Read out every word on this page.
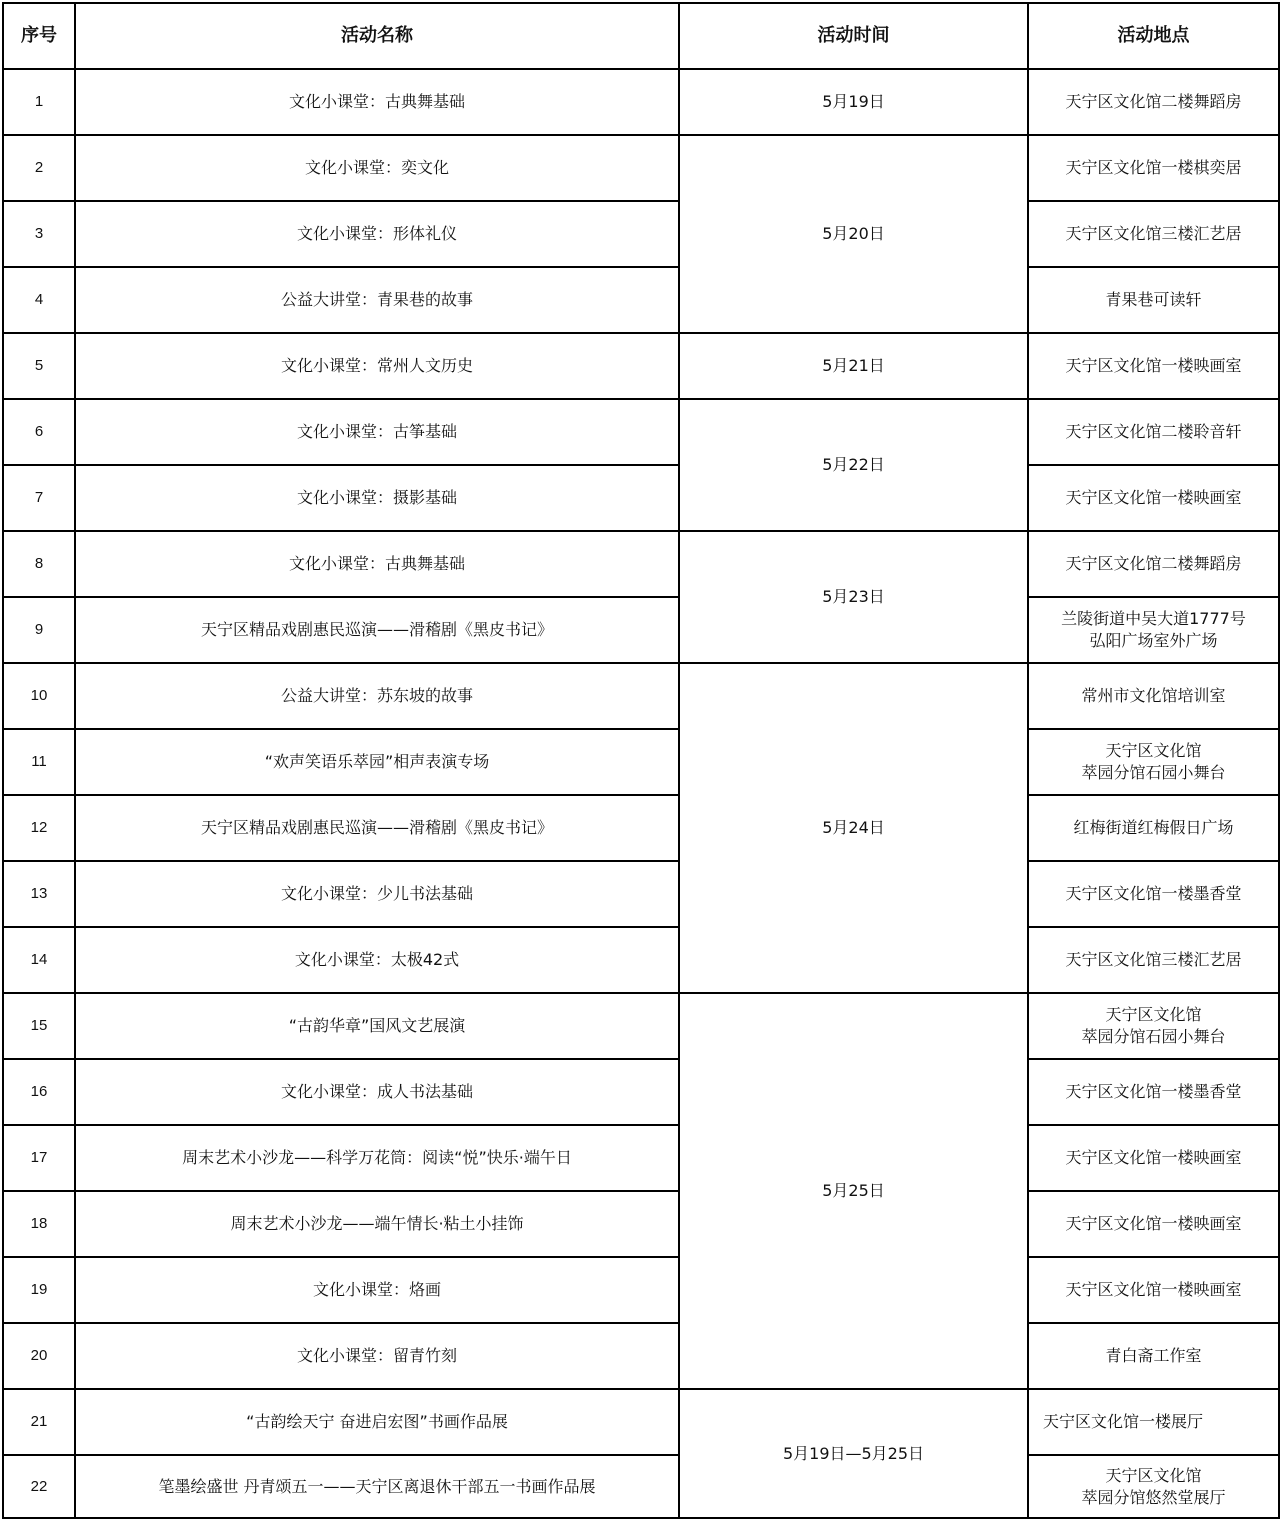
序号	活动名称	活动时间	活动地点
1	文化小课堂：古典舞基础	5月19日	天宁区文化馆二楼舞蹈房

2	文化小课堂：奕文化	5月20日	天宁区文化馆一楼棋奕居

3	文化小课堂：形体礼仪		天宁区文化馆三楼汇艺居

4	公益大讲堂：青果巷的故事		青果巷可读轩

5	文化小课堂：常州人文历史	5月21日	天宁区文化馆一楼映画室

6	文化小课堂：古筝基础	5月22日	天宁区文化馆二楼聆音轩

7	文化小课堂：摄影基础		天宁区文化馆一楼映画室

8	文化小课堂：古典舞基础	5月23日	天宁区文化馆二楼舞蹈房

9	天宁区精品戏剧惠民巡演——滑稽剧《黑皮书记》		兰陵街道中吴大道1777号
弘阳广场室外广场

10	公益大讲堂：苏东坡的故事	5月24日	常州市文化馆培训室

11	“欢声笑语乐萃园”相声表演专场		天宁区文化馆
萃园分馆石园小舞台

12	天宁区精品戏剧惠民巡演——滑稽剧《黑皮书记》		红梅街道红梅假日广场

13	文化小课堂：少儿书法基础		天宁区文化馆一楼墨香堂

14	文化小课堂：太极42式		天宁区文化馆三楼汇艺居

15	“古韵华章”国风文艺展演	5月25日	天宁区文化馆
萃园分馆石园小舞台

16	文化小课堂：成人书法基础		天宁区文化馆一楼墨香堂

17	周末艺术小沙龙——科学万花筒：阅读“悦”快乐·端午日		天宁区文化馆一楼映画室

18	周末艺术小沙龙——端午情长·粘土小挂饰		天宁区文化馆一楼映画室

19	文化小课堂：烙画		天宁区文化馆一楼映画室

20	文化小课堂：留青竹刻		青白斋工作室

21	“古韵绘天宁 奋进启宏图”书画作品展	5月19日—5月25日	天宁区文化馆一楼展厅

22	笔墨绘盛世 丹青颂五一——天宁区离退休干部五一书画作品展		天宁区文化馆
萃园分馆悠然堂展厅
